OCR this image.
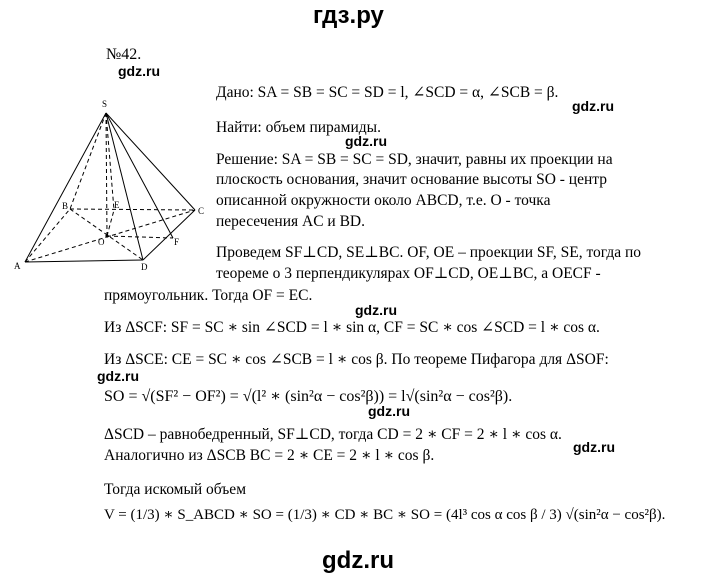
гдз.ру
№42.
gdz.ru
gdz.ru
gdz.ru
gdz.ru
gdz.ru
gdz.ru
gdz.ru
S
B	E
C
O	F
A	D
Дано: SA = SB = SC = SD = l, ∠SCD = α, ∠SCB = β.
Найти: объем пирамиды.
Решение: SA = SB = SC = SD, значит, равны их проекции на
плоскость основания, значит основание высоты SO - центр
описанной окружности около ABCD, т.е. O - точка
пересечения AC и BD.
Проведем SF⊥CD, SE⊥BC. OF, OE – проекции SF, SE, тогда по
теореме о 3 перпендикулярах OF⊥CD, OE⊥BC, а OECF -
прямоугольник. Тогда OF = EC.
Из ΔSCF: SF = SC ∗ sin ∠SCD = l ∗ sin α, CF = SC ∗ cos ∠SCD = l ∗ cos α.
Из ΔSCE: CE = SC ∗ cos ∠SCB = l ∗ cos β. По теореме Пифагора для ΔSOF:
SO = √(SF² − OF²) = √(l² ∗ (sin²α − cos²β)) = l√(sin²α − cos²β).
ΔSCD – равнобедренный, SF⊥CD, тогда CD = 2 ∗ CF = 2 ∗ l ∗ cos α.
Аналогично из ΔSCB BC = 2 ∗ CE = 2 ∗ l ∗ cos β.
Тогда искомый объем
V = (1/3) ∗ S_ABCD ∗ SO = (1/3) ∗ CD ∗ BC ∗ SO = (4l³ cos α cos β / 3) √(sin²α − cos²β).
gdz.ru
